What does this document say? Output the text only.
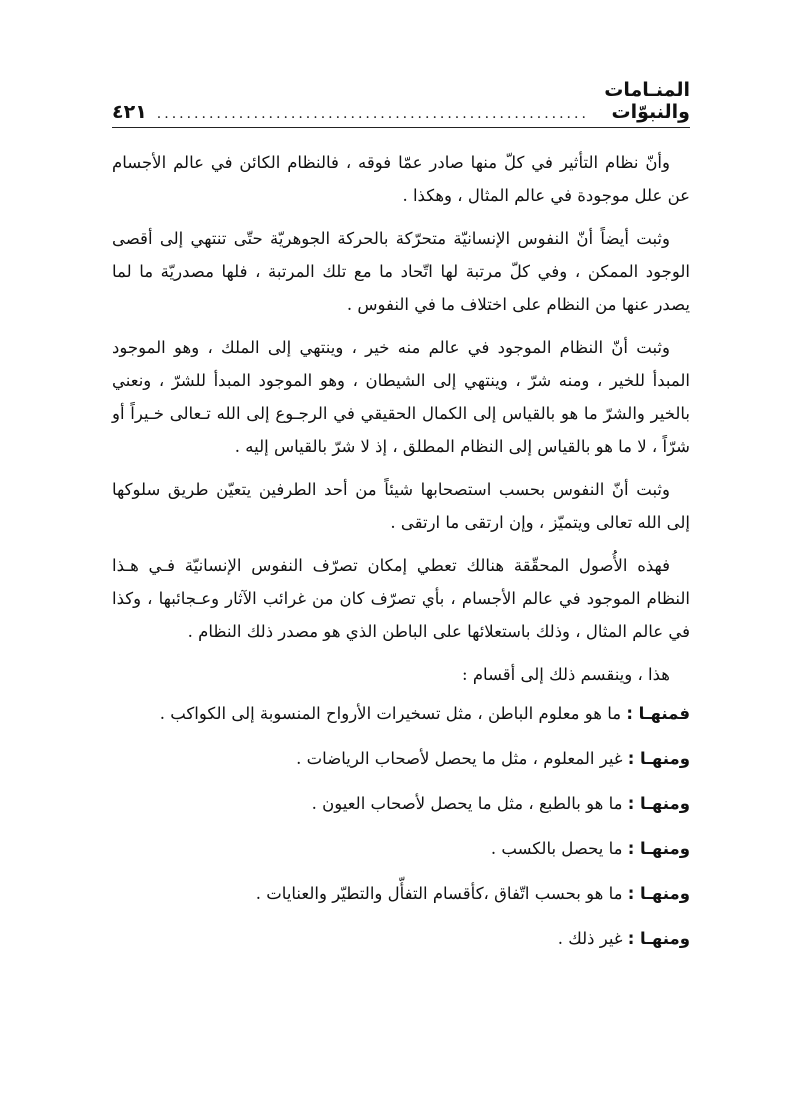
المنـامات والنبوّات
..........................................................
٤٢١

وأنّ نظام التأثير في كلّ منها صادر عمّا فوقه ، فالنظام الكائن في عالم الأجسام عن علل موجودة في عالم المثال ، وهكذا .

وثبت أيضاً أنّ النفوس الإنسانيّة متحرّكة بالحركة الجوهريّة حتّى تنتهي إلى أقصى الوجود الممكن ، وفي كلّ مرتبة لها اتّحاد ما مع تلك المرتبة ، فلها مصدريّة ما لما يصدر عنها من النظام على اختلاف ما في النفوس .

وثبت أنّ النظام الموجود في عالم منه خير ، وينتهي إلى الملك ، وهو الموجود المبدأ للخير ، ومنه شرّ ، وينتهي إلى الشيطان ، وهو الموجود المبدأ للشرّ ، ونعني بالخير والشرّ ما هو بالقياس إلى الكمال الحقيقي في الرجـوع إلى الله تـعالى خـيراً أو شرّاً ، لا ما هو بالقياس إلى النظام المطلق ، إذ لا شرّ بالقياس إليه .

وثبت أنّ النفوس بحسب استصحابها شيئاً من أحد الطرفين يتعيّن طريق سلوكها إلى الله تعالى ويتميّز ، وإن ارتقى ما ارتقى .

فهذه الأُصول المحقّقة هنالك تعطي إمكان تصرّف النفوس الإنسانيّة فـي هـذا النظام الموجود في عالم الأجسام ، بأي تصرّف كان من غرائب الآثار وعـجائبها ، وكذا في عالم المثال ، وذلك باستعلائها على الباطن الذي هو مصدر ذلك النظام .

هذا ، وينقسم ذلك إلى أقسام :

فمنهـا : ما هو معلوم الباطن ، مثل تسخيرات الأرواح المنسوبة إلى الكواكب .

ومنهـا : غير المعلوم ، مثل ما يحصل لأصحاب الرياضات .

ومنهـا : ما هو بالطبع ، مثل ما يحصل لأصحاب العيون .

ومنهـا : ما يحصل بالكسب .

ومنهـا : ما هو بحسب اتّفاق ،كأقسام التفأّل والتطيّر والعنايات .

ومنهـا : غير ذلك .
